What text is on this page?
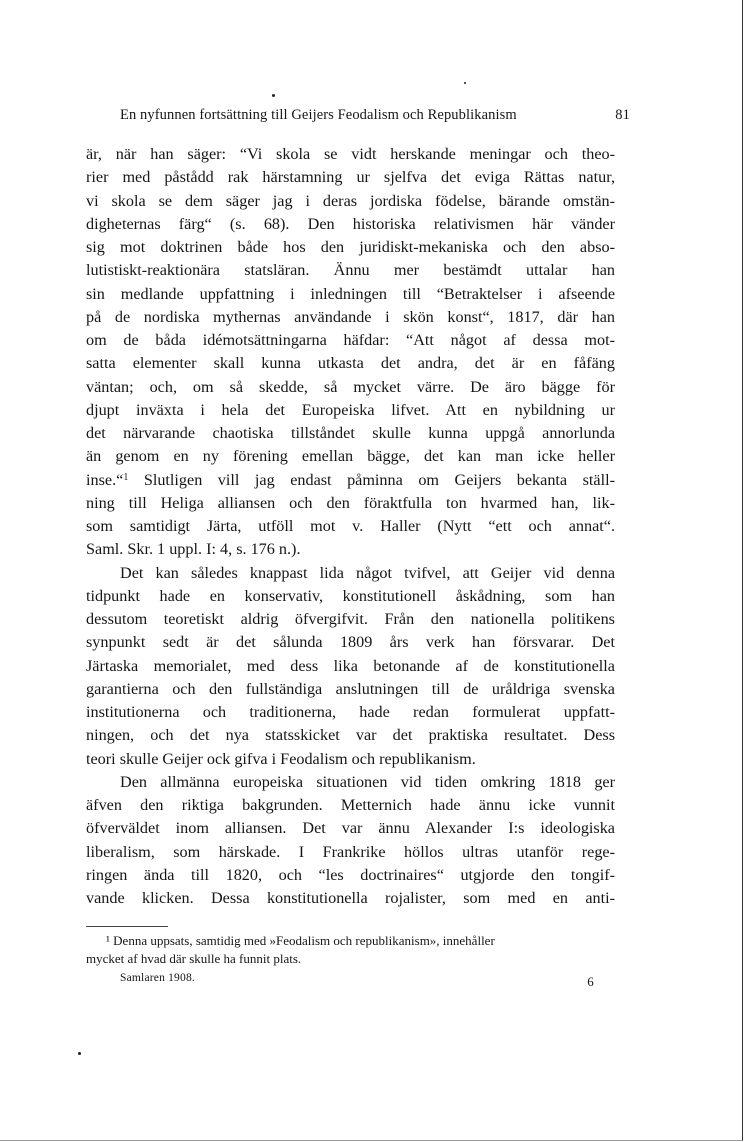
En nyfunnen fortsättning till Geijers Feodalism och Republikanism	81
är, när han säger: “Vi skola se vidt herskande meningar och theo-
rier med påstådd rak härstamning ur sjelfva det eviga Rättas natur,
vi skola se dem säger jag i deras jordiska födelse, bärande omstän-
digheternas färg“ (s. 68). Den historiska relativismen här vänder
sig mot doktrinen både hos den juridiskt-mekaniska och den abso-
lutistiskt-reaktionära statsläran. Ännu mer bestämdt uttalar han
sin medlande uppfattning i inledningen till “Betraktelser i afseende
på de nordiska mythernas användande i skön konst“, 1817, där han
om de båda idémotsättningarna häfdar: “Att något af dessa mot-
satta elementer skall kunna utkasta det andra, det är en fåfäng
väntan; och, om så skedde, så mycket värre. De äro bägge för
djupt inväxta i hela det Europeiska lifvet. Att en nybildning ur
det närvarande chaotiska tillståndet skulle kunna uppgå annorlunda
än genom en ny förening emellan bägge, det kan man icke heller
inse.“$^1$ Slutligen vill jag endast påminna om Geijers bekanta ställ-
ning till Heliga alliansen och den föraktfulla ton hvarmed han, lik-
som samtidigt Järta, utföll mot v. Haller (Nytt “ett och annat“.
Saml. Skr. 1 uppl. I: 4, s. 176 n.).
Det kan således knappast lida något tvifvel, att Geijer vid denna
tidpunkt hade en konservativ, konstitutionell åskådning, som han
dessutom teoretiskt aldrig öfvergifvit. Från den nationella politikens
synpunkt sedt är det sålunda 1809 års verk han försvarar. Det
Järtaska memorialet, med dess lika betonande af de konstitutionella
garantierna och den fullständiga anslutningen till de uråldriga svenska
institutionerna och traditionerna, hade redan formulerat uppfatt-
ningen, och det nya statsskicket var det praktiska resultatet. Dess
teori skulle Geijer ock gifva i Feodalism och republikanism.
Den allmänna europeiska situationen vid tiden omkring 1818 ger
äfven den riktiga bakgrunden. Metternich hade ännu icke vunnit
öfverväldet inom alliansen. Det var ännu Alexander I:s ideologiska
liberalism, som härskade. I Frankrike höllos ultras utanför rege-
ringen ända till 1820, och “les doctrinaires“ utgjorde den tongif-
vande klicken. Dessa konstitutionella rojalister, som med en anti-
¹ Denna uppsats, samtidig med »Feodalism och republikanism», innehåller
mycket af hvad där skulle ha funnit plats.
Samlaren 1908.	6
